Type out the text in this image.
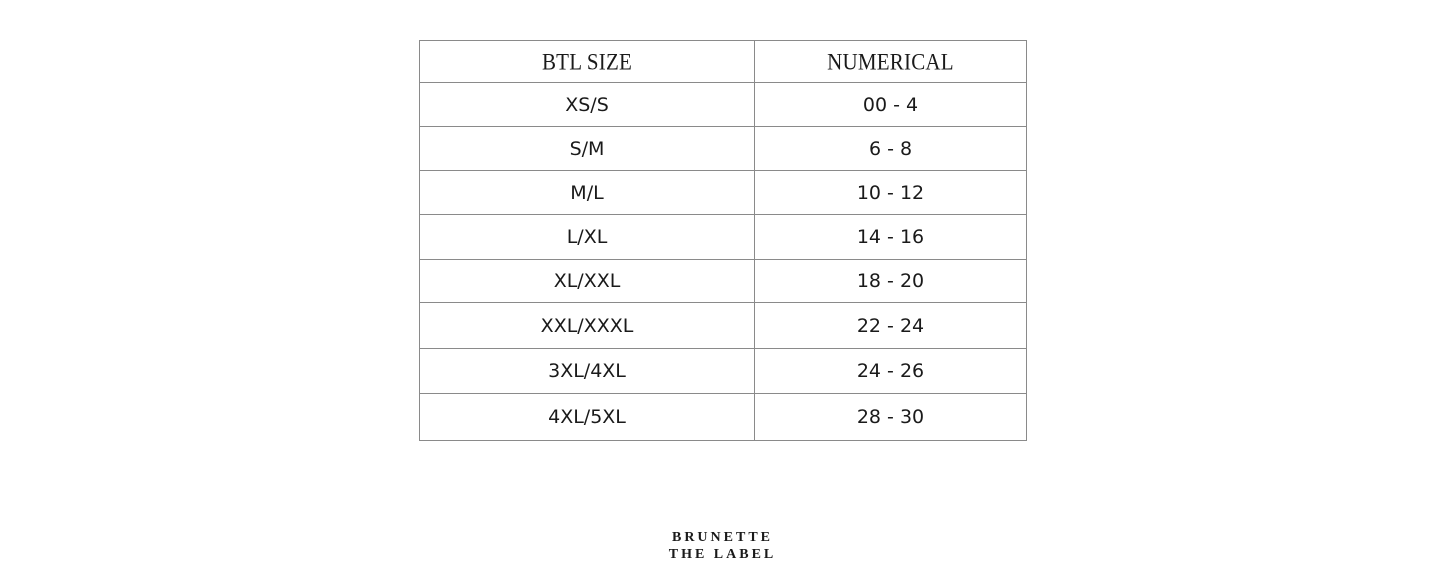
BTL SIZE	NUMERICAL
XS/S	00 - 4
S/M	6 - 8
M/L	10 - 12
L/XL	14 - 16
XL/XXL	18 - 20
XXL/XXXL	22 - 24
3XL/4XL	24 - 26
4XL/5XL	28 - 30
BRUNETTE
THE LABEL
